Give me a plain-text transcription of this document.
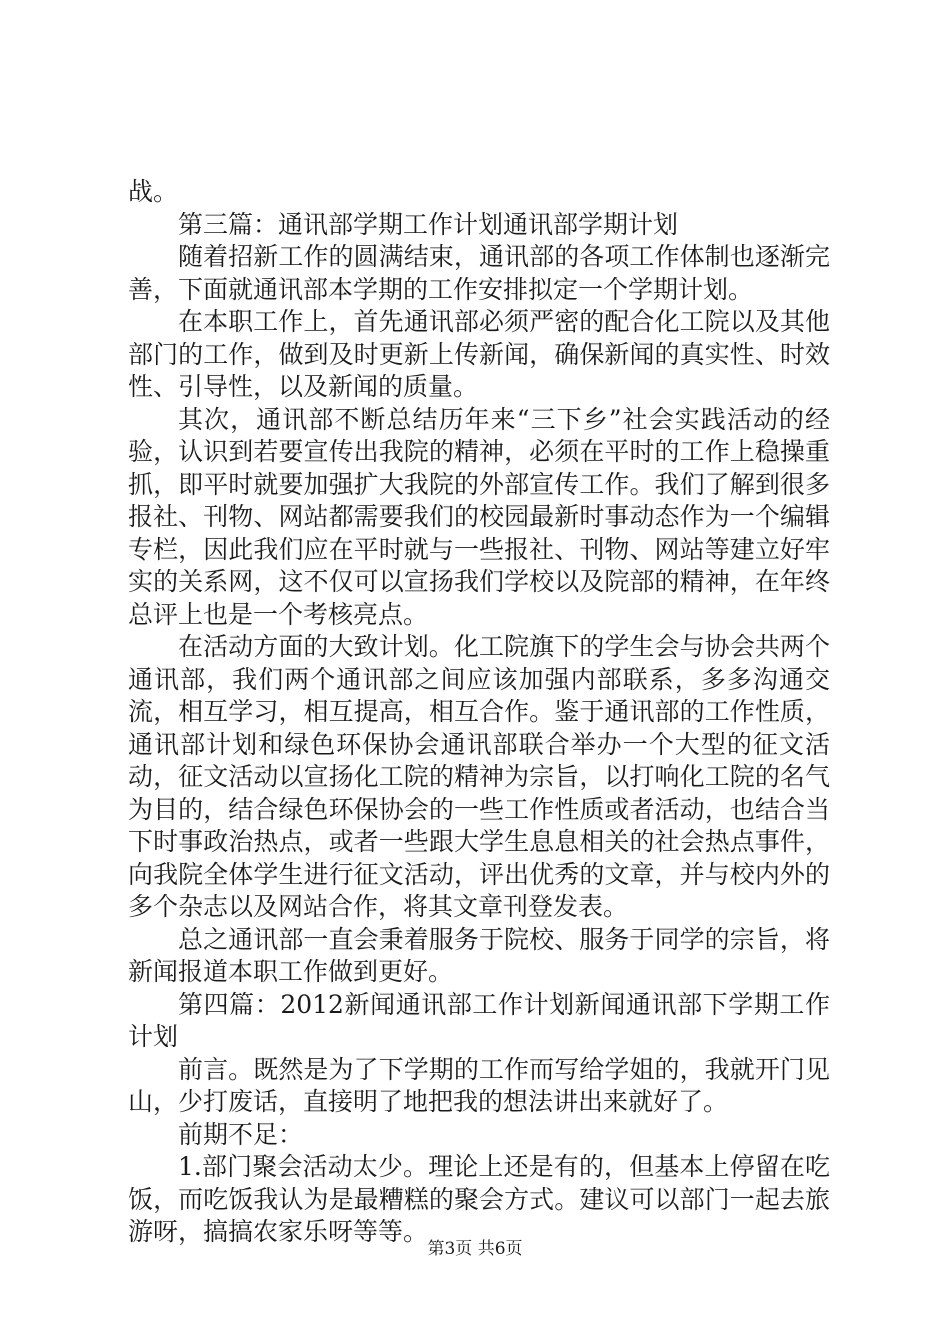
战。

第三篇：通讯部学期工作计划通讯部学期计划

随着招新工作的圆满结束，通讯部的各项工作体制也逐渐完善，下面就通讯部本学期的工作安排拟定一个学期计划。

在本职工作上，首先通讯部必须严密的配合化工院以及其他部门的工作，做到及时更新上传新闻，确保新闻的真实性、时效性、引导性，以及新闻的质量。

其次，通讯部不断总结历年来“三下乡”社会实践活动的经验，认识到若要宣传出我院的精神，必须在平时的工作上稳操重抓，即平时就要加强扩大我院的外部宣传工作。我们了解到很多报社、刊物、网站都需要我们的校园最新时事动态作为一个编辑专栏，因此我们应在平时就与一些报社、刊物、网站等建立好牢实的关系网，这不仅可以宣扬我们学校以及院部的精神，在年终总评上也是一个考核亮点。

在活动方面的大致计划。化工院旗下的学生会与协会共两个通讯部，我们两个通讯部之间应该加强内部联系，多多沟通交流，相互学习，相互提高，相互合作。鉴于通讯部的工作性质，通讯部计划和绿色环保协会通讯部联合举办一个大型的征文活动，征文活动以宣扬化工院的精神为宗旨，以打响化工院的名气为目的，结合绿色环保协会的一些工作性质或者活动，也结合当下时事政治热点，或者一些跟大学生息息相关的社会热点事件，向我院全体学生进行征文活动，评出优秀的文章，并与校内外的多个杂志以及网站合作，将其文章刊登发表。

总之通讯部一直会秉着服务于院校、服务于同学的宗旨，将新闻报道本职工作做到更好。

第四篇：2012新闻通讯部工作计划新闻通讯部下学期工作计划

前言。既然是为了下学期的工作而写给学姐的，我就开门见山，少打废话，直接明了地把我的想法讲出来就好了。

前期不足：

1.部门聚会活动太少。理论上还是有的，但基本上停留在吃饭，而吃饭我认为是最糟糕的聚会方式。建议可以部门一起去旅游呀，搞搞农家乐呀等等。

第3页 共6页
